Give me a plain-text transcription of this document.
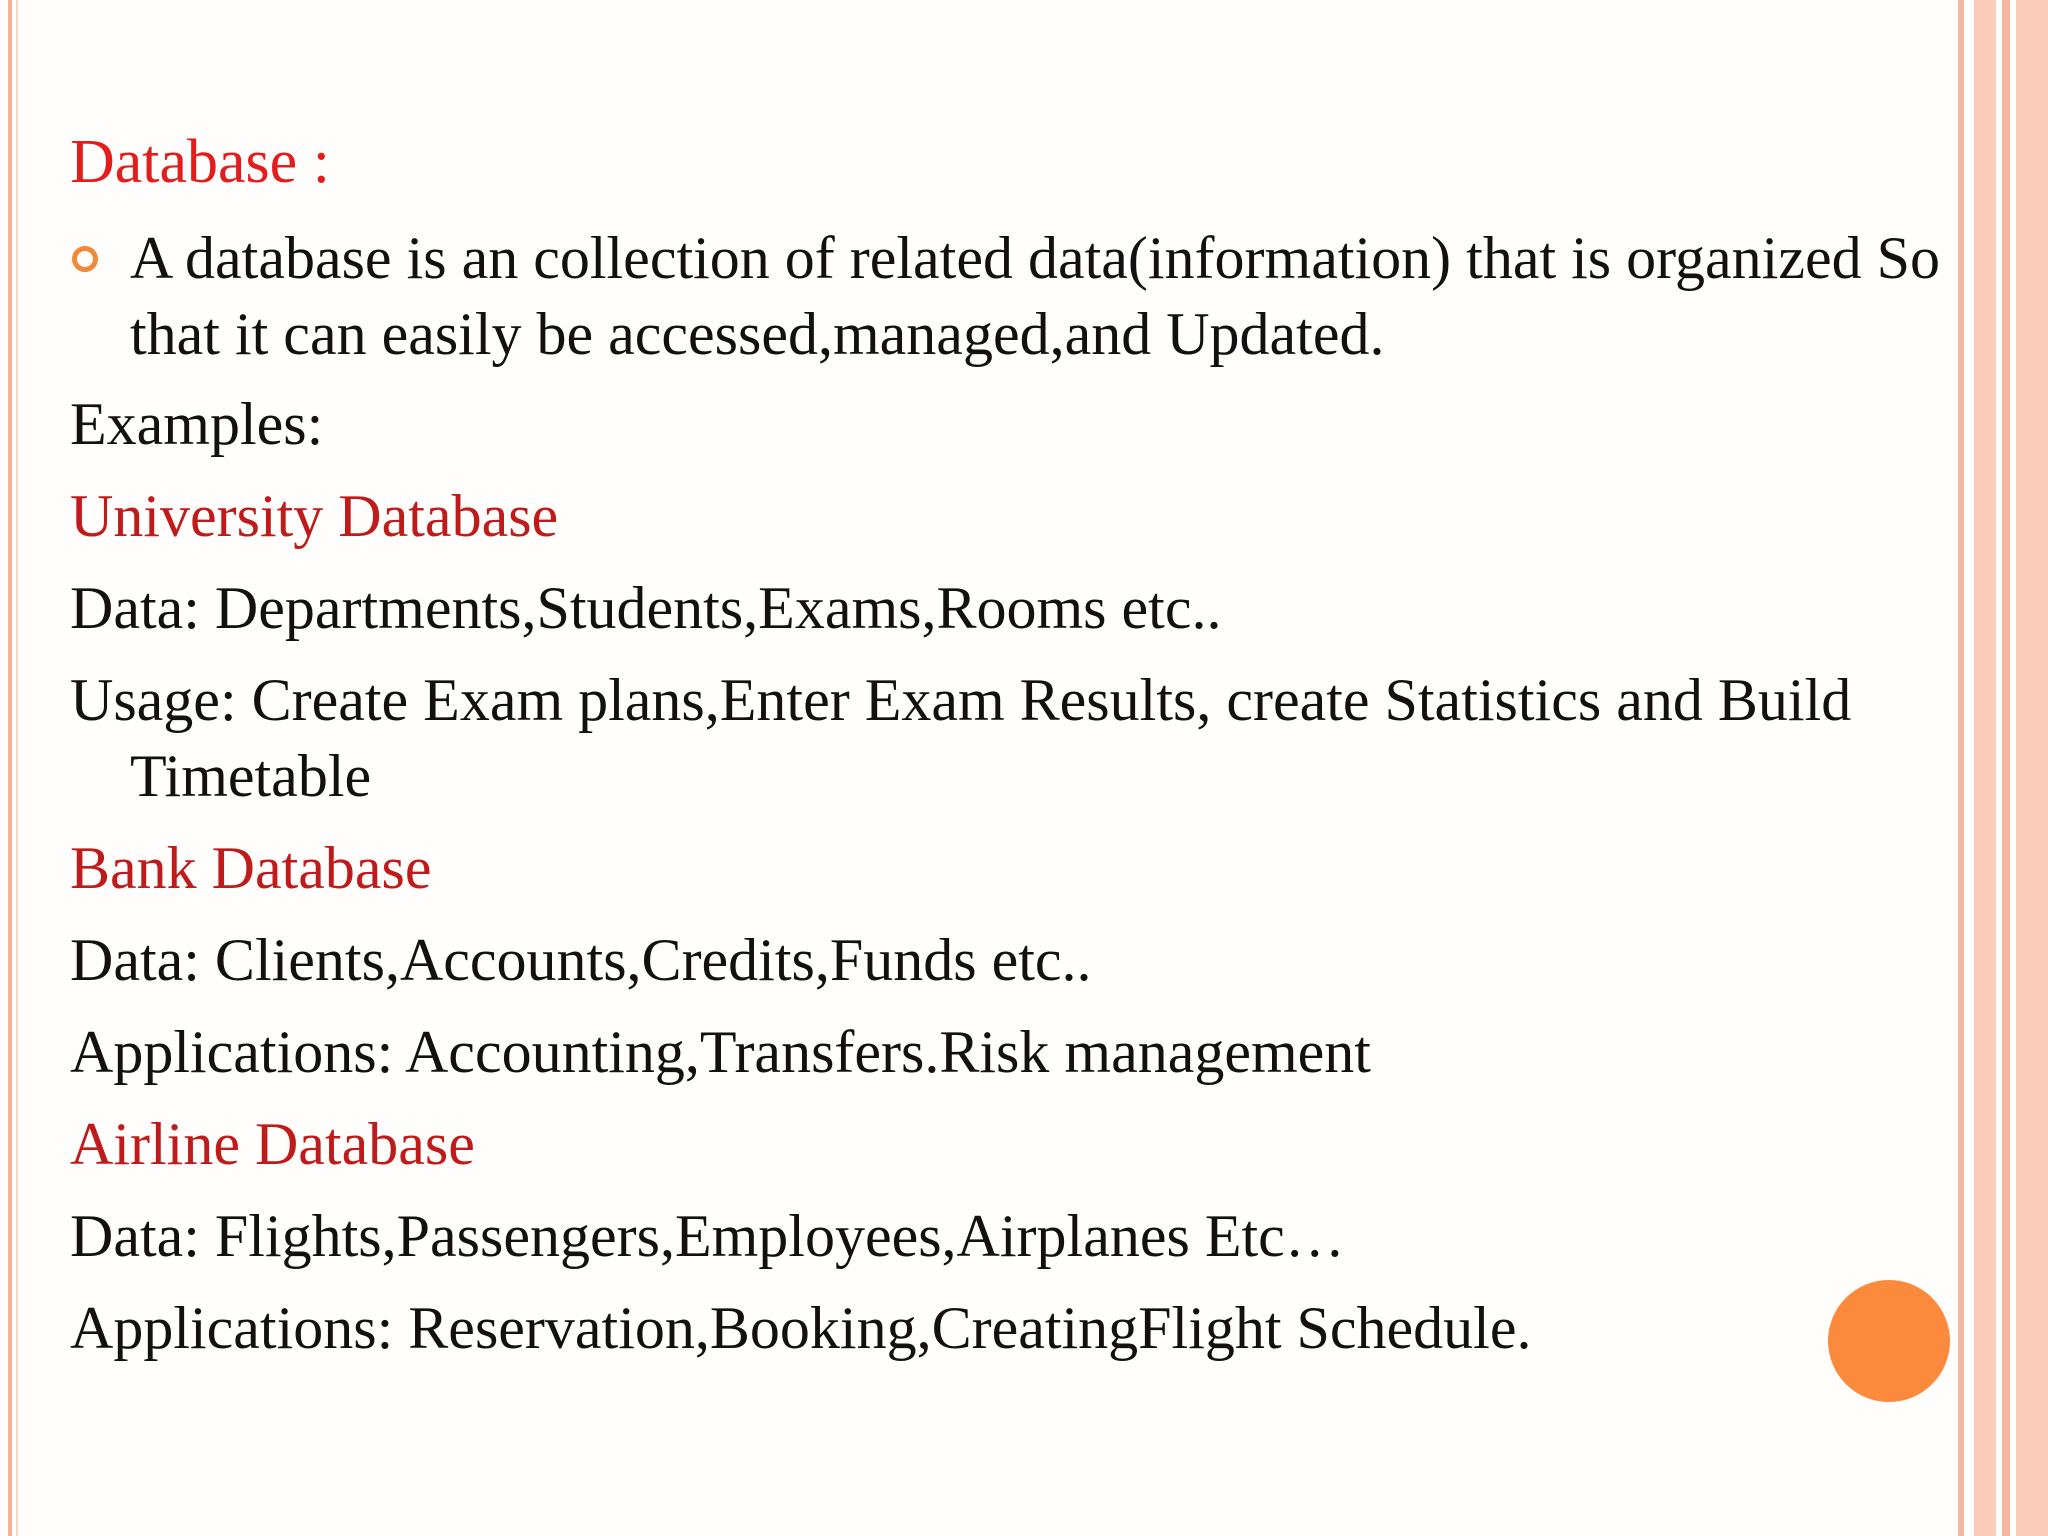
Database :
A database is an collection of related data(information) that is organized So that it can easily be accessed,managed,and Updated.
Examples:
University Database
Data: Departments,Students,Exams,Rooms etc..
Usage: Create Exam plans,Enter Exam Results, create Statistics and Build Timetable
Bank Database
Data: Clients,Accounts,Credits,Funds etc..
Applications: Accounting,Transfers.Risk management
Airline Database
Data: Flights,Passengers,Employees,Airplanes Etc…
Applications: Reservation,Booking,CreatingFlight Schedule.
